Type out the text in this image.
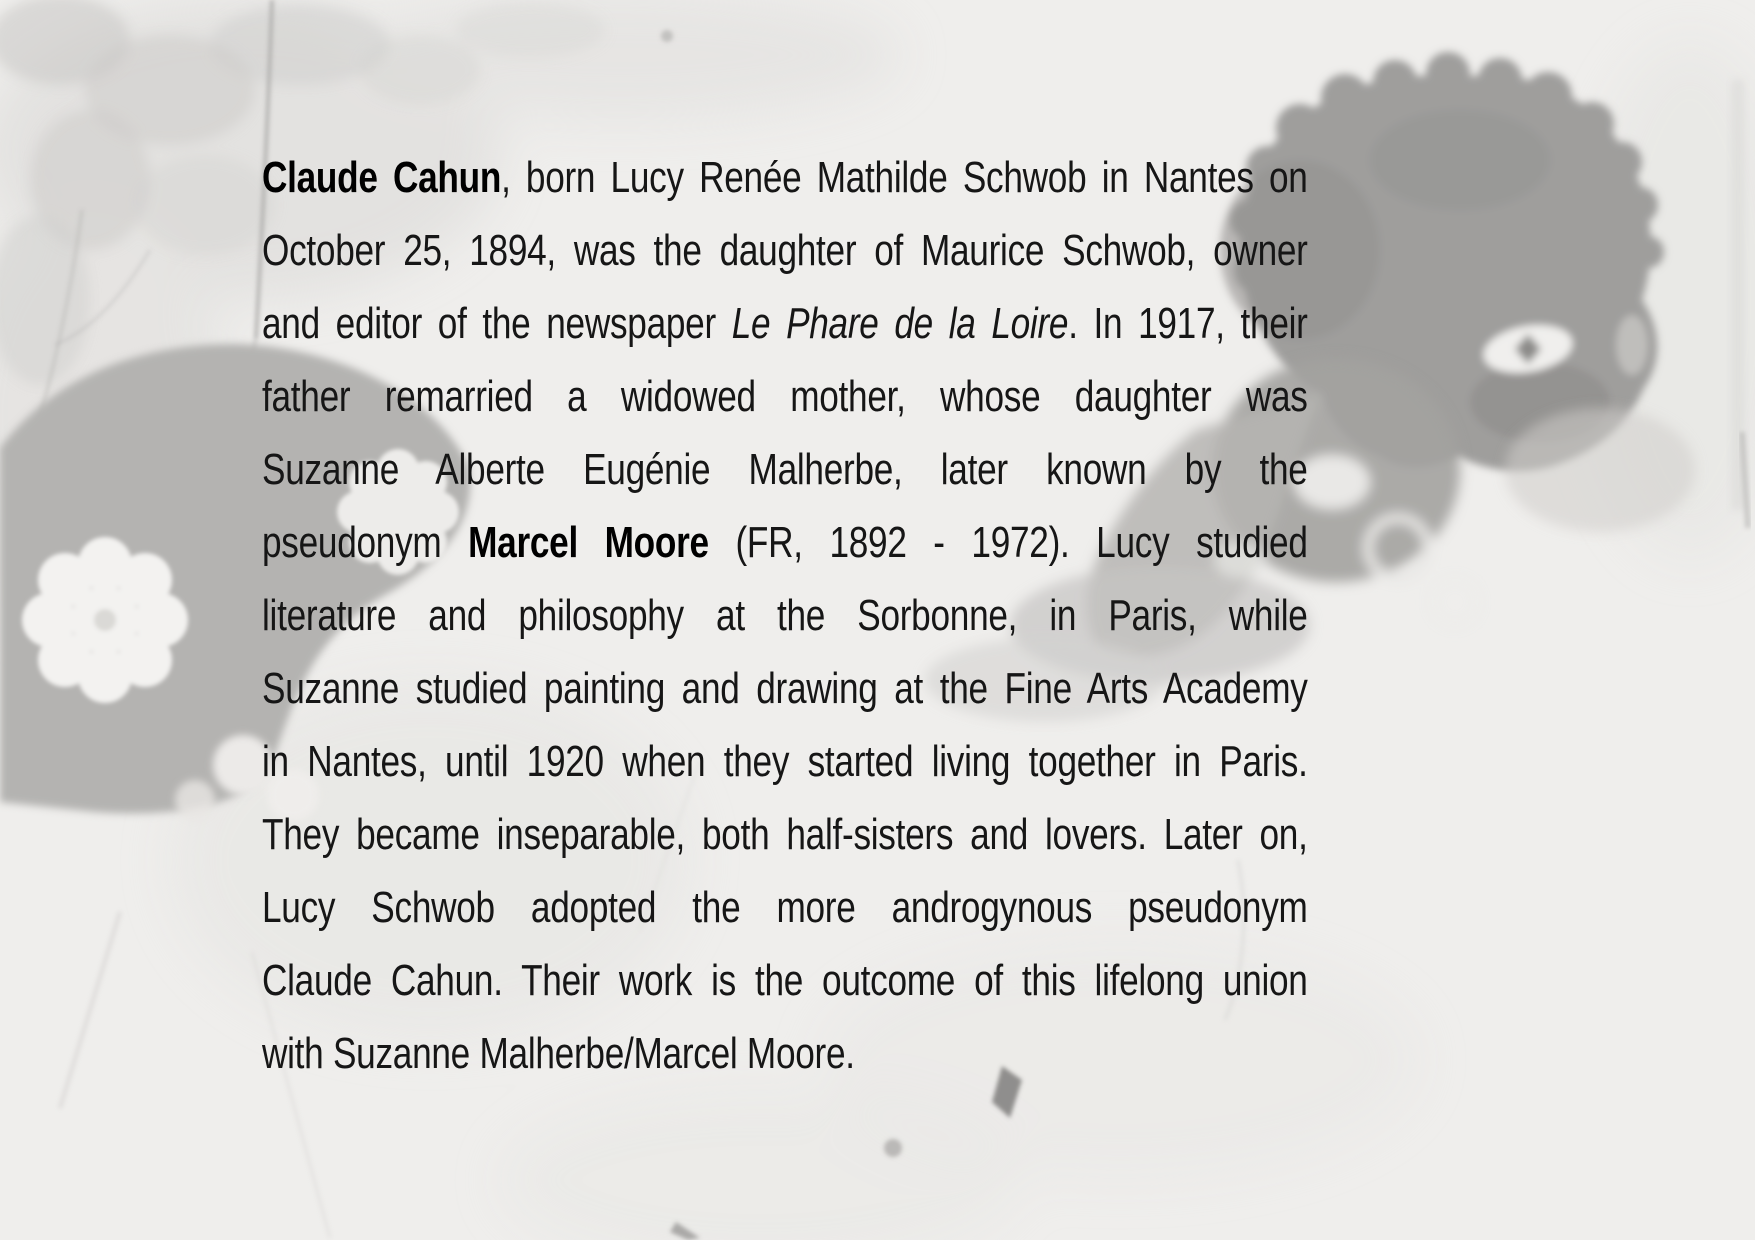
Claude Cahun, born Lucy Renée Mathilde Schwob in Nantes on
October 25, 1894, was the daughter of Maurice Schwob, owner
and editor of the newspaper Le Phare de la Loire. In 1917, their
father remarried a widowed mother, whose daughter was
Suzanne Alberte Eugénie Malherbe, later known by the
pseudonym Marcel Moore (FR, 1892 - 1972). Lucy studied
literature and philosophy at the Sorbonne, in Paris, while
Suzanne studied painting and drawing at the Fine Arts Academy
in Nantes, until 1920 when they started living together in Paris.
They became inseparable, both half-sisters and lovers. Later on,
Lucy Schwob adopted the more androgynous pseudonym
Claude Cahun. Their work is the outcome of this lifelong union
with Suzanne Malherbe/Marcel Moore.
